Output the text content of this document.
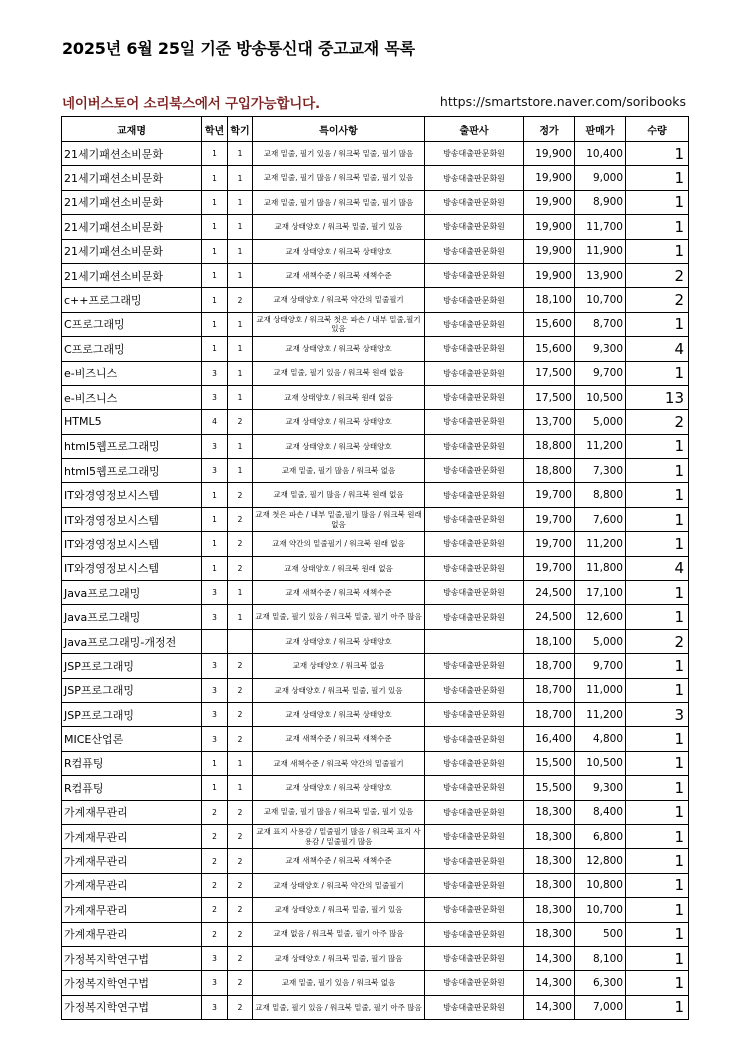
2025년 6월 25일 기준 방송통신대 중고교재 목록
네이버스토어 소리북스에서 구입가능합니다.	https://smartstore.naver.com/soribooks
교재명	학년	학기	특이사항	출판사	정가	판매가	수량
21세기패션소비문화	1	1	교재 밑줄, 필기 있음 / 워크북 밑줄, 필기 많음	방송대출판문화원	19,900	10,400	1
21세기패션소비문화	1	1	교재 밑줄, 필기 많음 / 워크북 밑줄, 필기 있음	방송대출판문화원	19,900	9,000	1
21세기패션소비문화	1	1	교재 밑줄, 필기 많음 / 워크북 밑줄, 필기 많음	방송대출판문화원	19,900	8,900	1
21세기패션소비문화	1	1	교재 상태양호 / 워크북 밑줄, 필기 있음	방송대출판문화원	19,900	11,700	1
21세기패션소비문화	1	1	교재 상태양호 / 워크북 상태양호	방송대출판문화원	19,900	11,900	1
21세기패션소비문화	1	1	교재 새책수준 / 워크북 새책수준	방송대출판문화원	19,900	13,900	2
c++프로그래밍	1	2	교재 상태양호 / 워크북 약간의 밑줄필기	방송대출판문화원	18,100	10,700	2
C프로그래밍	1	1	교재 상태양호 / 워크북 첫은 파손 / 내부 밑줄,필기 있음	방송대출판문화원	15,600	8,700	1
C프로그래밍	1	1	교재 상태양호 / 워크북 상태양호	방송대출판문화원	15,600	9,300	4
e-비즈니스	3	1	교재 밑줄, 필기 있음 / 워크북 원래 없음	방송대출판문화원	17,500	9,700	1
e-비즈니스	3	1	교재 상태양호 / 워크북 원래 없음	방송대출판문화원	17,500	10,500	13
HTML5	4	2	교재 상태양호 / 워크북 상태양호	방송대출판문화원	13,700	5,000	2
html5웹프로그래밍	3	1	교재 상태양호 / 워크북 상태양호	방송대출판문화원	18,800	11,200	1
html5웹프로그래밍	3	1	교재 밑줄, 필기 많음 / 워크북 없음	방송대출판문화원	18,800	7,300	1
IT와경영정보시스템	1	2	교재 밑줄, 필기 많음 / 워크북 원래 없음	방송대출판문화원	19,700	8,800	1
IT와경영정보시스템	1	2	교재 첫은 파손 / 내부 밑줄,필기 많음 / 워크북 원래 없음	방송대출판문화원	19,700	7,600	1
IT와경영정보시스템	1	2	교재 약간의 밑줄필기 / 워크북 원래 없음	방송대출판문화원	19,700	11,200	1
IT와경영정보시스템	1	2	교재 상태양호 / 워크북 원래 없음	방송대출판문화원	19,700	11,800	4
Java프로그래밍	3	1	교재 새책수준 / 워크북 새책수준	방송대출판문화원	24,500	17,100	1
Java프로그래밍	3	1	교재 밑줄, 필기 있음 / 워크북 밑줄, 필기 아주 많음	방송대출판문화원	24,500	12,600	1
Java프로그래밍-개정전			교재 상태양호 / 워크북 상태양호		18,100	5,000	2
JSP프로그래밍	3	2	교재 상태양호 / 워크북 없음	방송대출판문화원	18,700	9,700	1
JSP프로그래밍	3	2	교재 상태양호 / 워크북 밑줄, 필기 있음	방송대출판문화원	18,700	11,000	1
JSP프로그래밍	3	2	교재 상태양호 / 워크북 상태양호	방송대출판문화원	18,700	11,200	3
MICE산업론	3	2	교재 새책수준 / 워크북 새책수준	방송대출판문화원	16,400	4,800	1
R컴퓨팅	1	1	교재 새책수준 / 워크북 약간의 밑줄필기	방송대출판문화원	15,500	10,500	1
R컴퓨팅	1	1	교재 상태양호 / 워크북 상태양호	방송대출판문화원	15,500	9,300	1
가계재무관리	2	2	교재 밑줄, 필기 많음 / 워크북 밑줄, 필기 있음	방송대출판문화원	18,300	8,400	1
가계재무관리	2	2	교재 표지 사용감 / 밑줄필기 많음 / 워크북 표지 사용감 / 밑줄필기 많음	방송대출판문화원	18,300	6,800	1
가계재무관리	2	2	교재 새책수준 / 워크북 새책수준	방송대출판문화원	18,300	12,800	1
가계재무관리	2	2	교재 상태양호 / 워크북 약간의 밑줄필기	방송대출판문화원	18,300	10,800	1
가계재무관리	2	2	교재 상태양호 / 워크북 밑줄, 필기 있음	방송대출판문화원	18,300	10,700	1
가계재무관리	2	2	교재 없음 / 워크북 밑줄, 필기 아주 많음	방송대출판문화원	18,300	500	1
가정복지학연구법	3	2	교재 상태양호 / 워크북 밑줄, 필기 많음	방송대출판문화원	14,300	8,100	1
가정복지학연구법	3	2	교재 밑줄, 필기 있음 / 워크북 없음	방송대출판문화원	14,300	6,300	1
가정복지학연구법	3	2	교재 밑줄, 필기 있음 / 워크북 밑줄, 필기 아주 많음	방송대출판문화원	14,300	7,000	1
